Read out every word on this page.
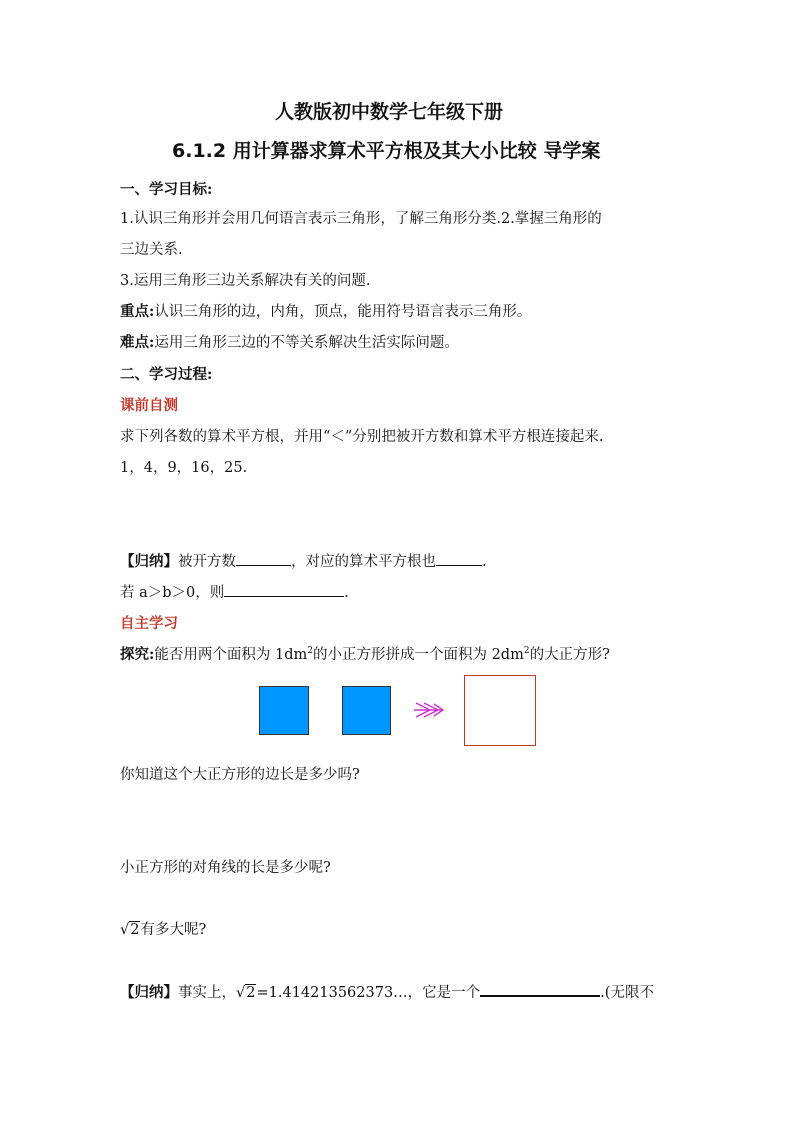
人教版初中数学七年级下册
6.1.2 用计算器求算术平方根及其大小比较 导学案
一、学习目标:
1.认识三角形并会用几何语言表示三角形，了解三角形分类.2.掌握三角形的
三边关系.
3.运用三角形三边关系解决有关的问题.
重点:认识三角形的边，内角，顶点，能用符号语言表示三角形。
难点:运用三角形三边的不等关系解决生活实际问题。
二、学习过程:
课前自测
求下列各数的算术平方根，并用“＜”分别把被开方数和算术平方根连接起来.
1，4，9，16，25.
【归纳】被开方数	，对应的算术平方根也	.
若 a＞b＞0，则	.
自主学习
探究:能否用两个面积为 $1dm^2$的小正方形拼成一个面积为 $2dm^2$的大正方形?
你知道这个大正方形的边长是多少吗?
小正方形的对角线的长是多少呢?
√2有多大呢?
【归纳】事实上，√2=1.414213562373…，它是一个	.(无限不
